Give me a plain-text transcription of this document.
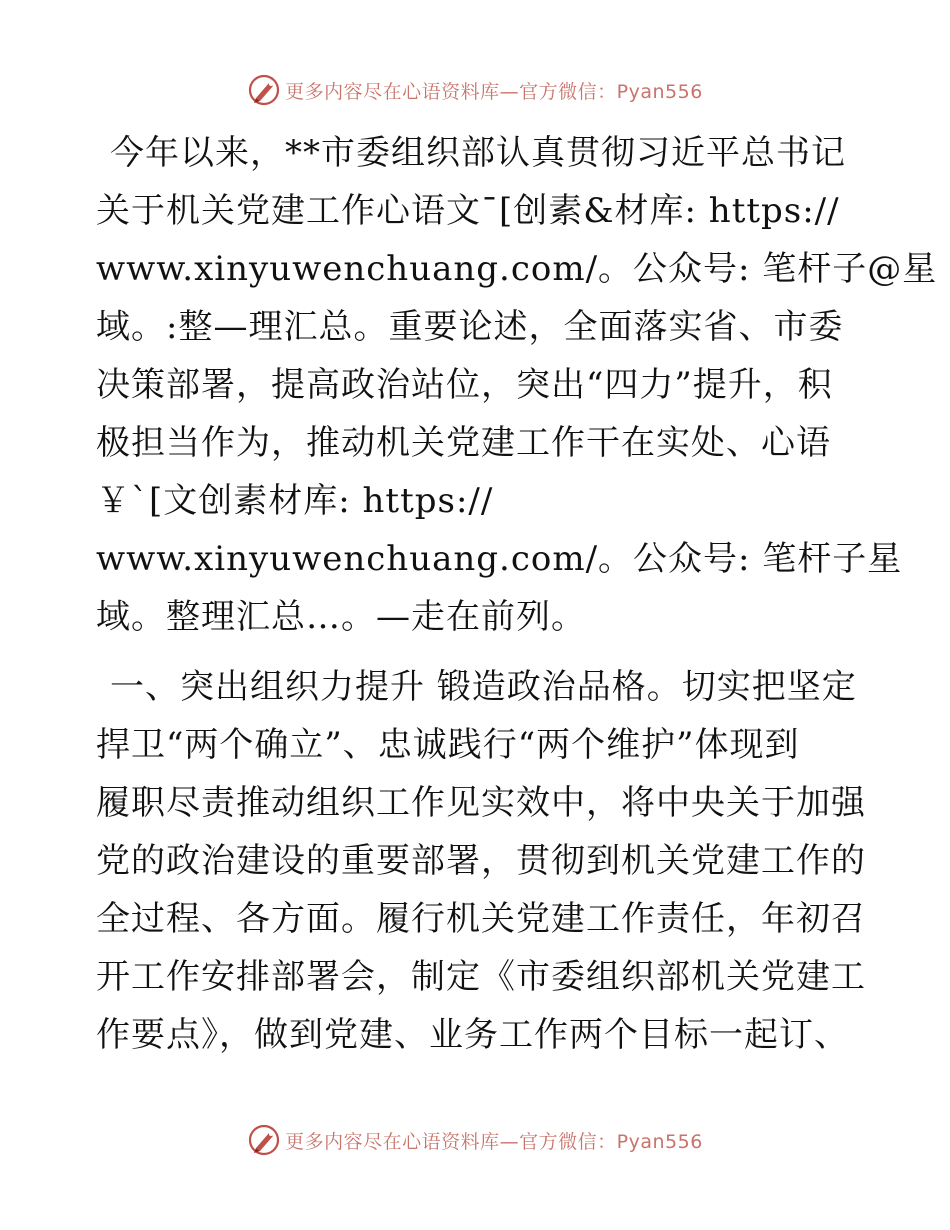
更多内容尽在心语资料库—官方微信：Pyan556
今年以来，**市委组织部认真贯彻习近平总书记
关于机关党建工作心语文¯[创素&材库: https://
www.xinyuwenchuang.com/。公众号: 笔杆子@星
域。:整—理汇总。重要论述，全面落实省、市委
决策部署，提高政治站位，突出“四力”提升，积
极担当作为，推动机关党建工作干在实处、心语
￥`[文创素材库: https://
www.xinyuwenchuang.com/。公众号: 笔杆子星
域。整理汇总…。—走在前列。
一、突出组织力提升 锻造政治品格。切实把坚定
捍卫“两个确立”、忠诚践行“两个维护”体现到
履职尽责推动组织工作见实效中，将中央关于加强
党的政治建设的重要部署，贯彻到机关党建工作的
全过程、各方面。履行机关党建工作责任，年初召
开工作安排部署会，制定《市委组织部机关党建工
作要点》，做到党建、业务工作两个目标一起订、
更多内容尽在心语资料库—官方微信：Pyan556
